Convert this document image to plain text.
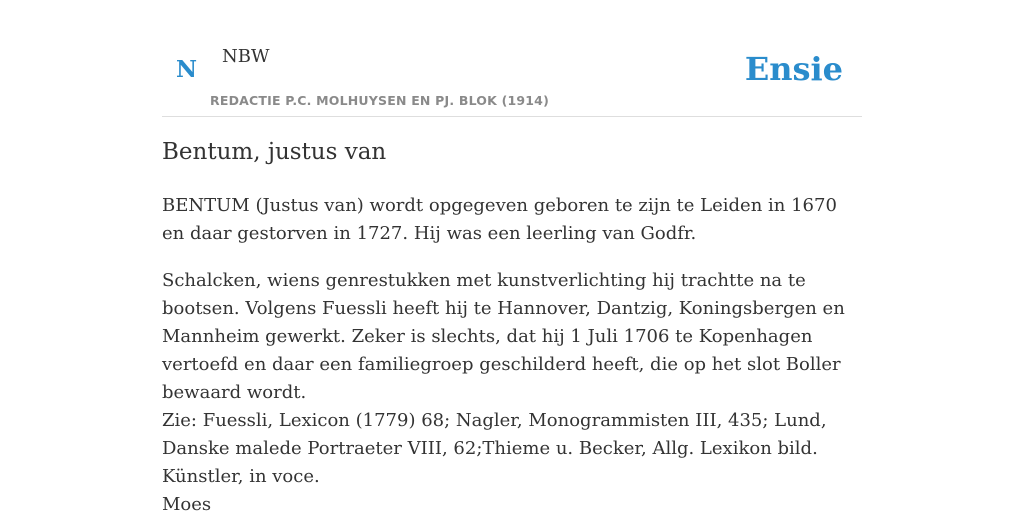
N NBW
REDACTIE P.C. MOLHUYSEN EN PJ. BLOK (1914)
Ensie
Bentum, justus van

BENTUM (Justus van) wordt opgegeven geboren te zijn te Leiden in 1670 en daar gestorven in 1727. Hij was een leerling van Godfr.

Schalcken, wiens genrestukken met kunstverlichting hij trachtte na te bootsen. Volgens Fuessli heeft hij te Hannover, Dantzig, Koningsbergen en Mannheim gewerkt. Zeker is slechts, dat hij 1 Juli 1706 te Kopenhagen vertoefd en daar een familiegroep geschilderd heeft, die op het slot Boller bewaard wordt.

Zie: Fuessli, Lexicon (1779) 68; Nagler, Monogrammisten III, 435; Lund, Danske malede Portraeter VIII, 62;Thieme u. Becker, Allg. Lexikon bild. Künstler, in voce.

Moes
